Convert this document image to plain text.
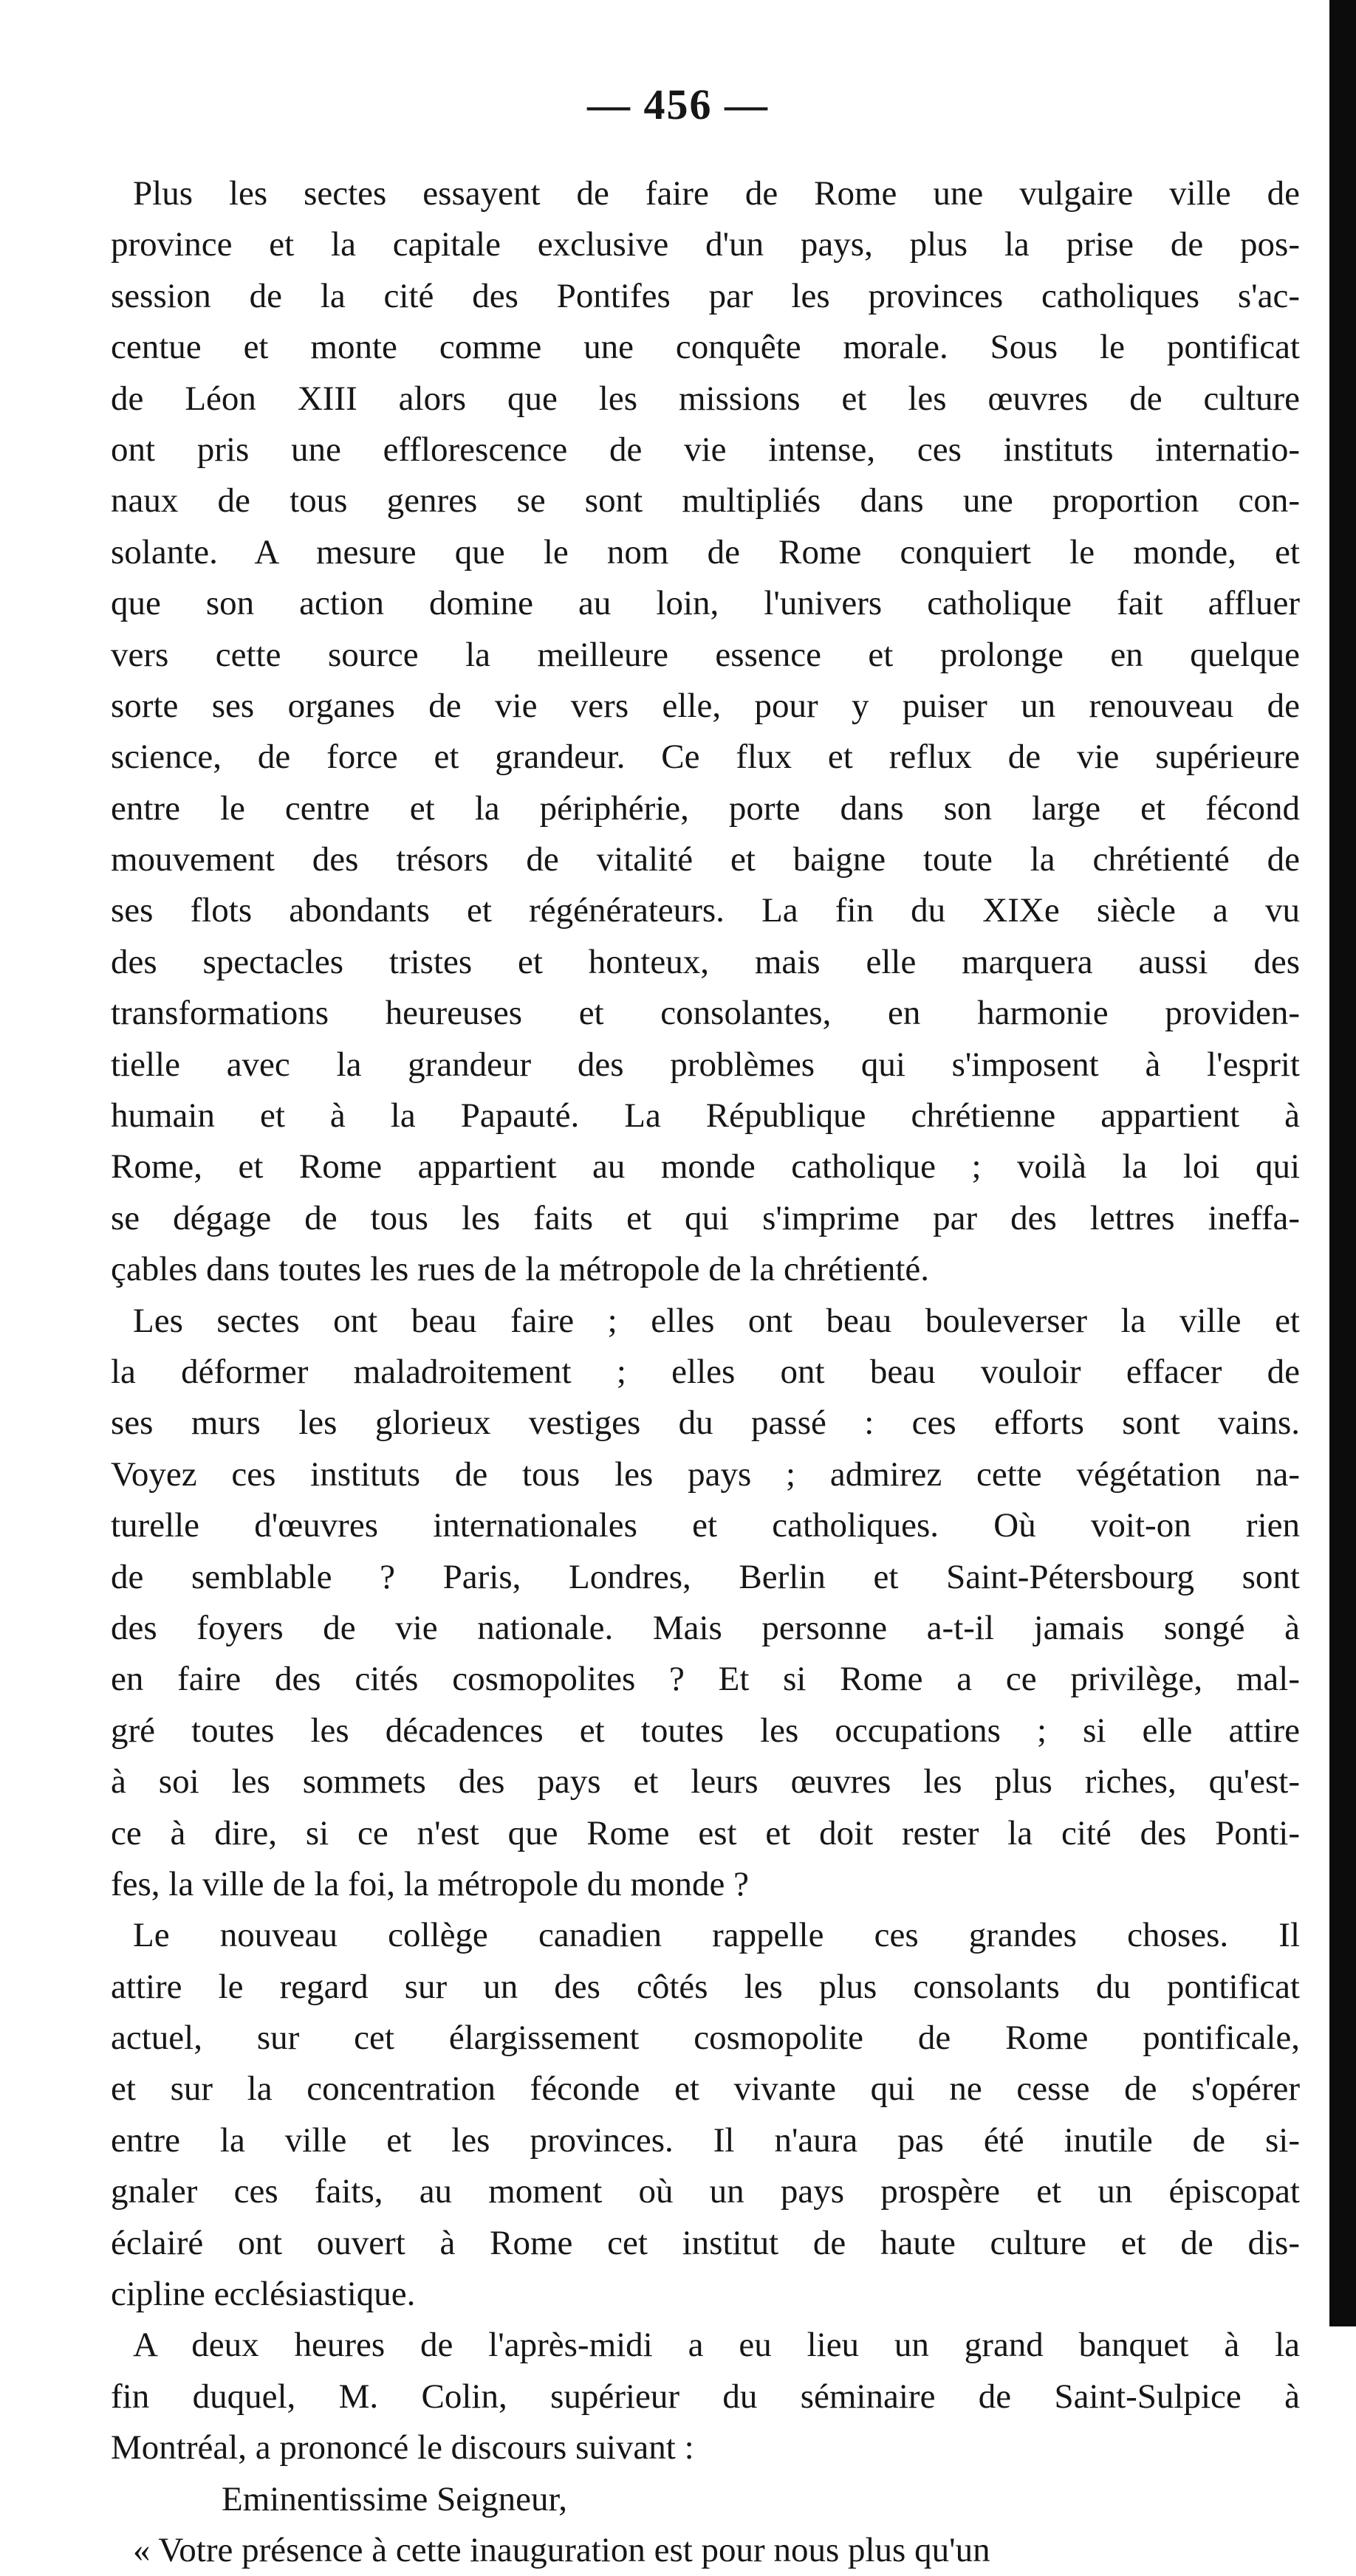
— 456 —
Plus les sectes essayent de faire de Rome une vulgaire ville de
province et la capitale exclusive d'un pays, plus la prise de pos-
session de la cité des Pontifes par les provinces catholiques s'ac-
centue et monte comme une conquête morale. Sous le pontificat
de Léon XIII alors que les missions et les œuvres de culture
ont pris une efflorescence de vie intense, ces instituts internatio-
naux de tous genres se sont multipliés dans une proportion con-
solante. A mesure que le nom de Rome conquiert le monde, et
que son action domine au loin, l'univers catholique fait affluer
vers cette source la meilleure essence et prolonge en quelque
sorte ses organes de vie vers elle, pour y puiser un renouveau de
science, de force et grandeur. Ce flux et reflux de vie supérieure
entre le centre et la périphérie, porte dans son large et fécond
mouvement des trésors de vitalité et baigne toute la chrétienté de
ses flots abondants et régénérateurs. La fin du XIXe siècle a vu
des spectacles tristes et honteux, mais elle marquera aussi des
transformations heureuses et consolantes, en harmonie providen-
tielle avec la grandeur des problèmes qui s'imposent à l'esprit
humain et à la Papauté. La République chrétienne appartient à
Rome, et Rome appartient au monde catholique ; voilà la loi qui
se dégage de tous les faits et qui s'imprime par des lettres ineffa-
çables dans toutes les rues de la métropole de la chrétienté.
Les sectes ont beau faire ; elles ont beau bouleverser la ville et
la déformer maladroitement ; elles ont beau vouloir effacer de
ses murs les glorieux vestiges du passé : ces efforts sont vains.
Voyez ces instituts de tous les pays ; admirez cette végétation na-
turelle d'œuvres internationales et catholiques. Où voit-on rien
de semblable ? Paris, Londres, Berlin et Saint-Pétersbourg sont
des foyers de vie nationale. Mais personne a-t-il jamais songé à
en faire des cités cosmopolites ? Et si Rome a ce privilège, mal-
gré toutes les décadences et toutes les occupations ; si elle attire
à soi les sommets des pays et leurs œuvres les plus riches, qu'est-
ce à dire, si ce n'est que Rome est et doit rester la cité des Ponti-
fes, la ville de la foi, la métropole du monde ?
Le nouveau collège canadien rappelle ces grandes choses. Il
attire le regard sur un des côtés les plus consolants du pontificat
actuel, sur cet élargissement cosmopolite de Rome pontificale,
et sur la concentration féconde et vivante qui ne cesse de s'opérer
entre la ville et les provinces. Il n'aura pas été inutile de si-
gnaler ces faits, au moment où un pays prospère et un épiscopat
éclairé ont ouvert à Rome cet institut de haute culture et de dis-
cipline ecclésiastique.
A deux heures de l'après-midi a eu lieu un grand banquet à la
fin duquel, M. Colin, supérieur du séminaire de Saint-Sulpice à
Montréal, a prononcé le discours suivant :
Eminentissime Seigneur,
« Votre présence à cette inauguration est pour nous plus qu'un
